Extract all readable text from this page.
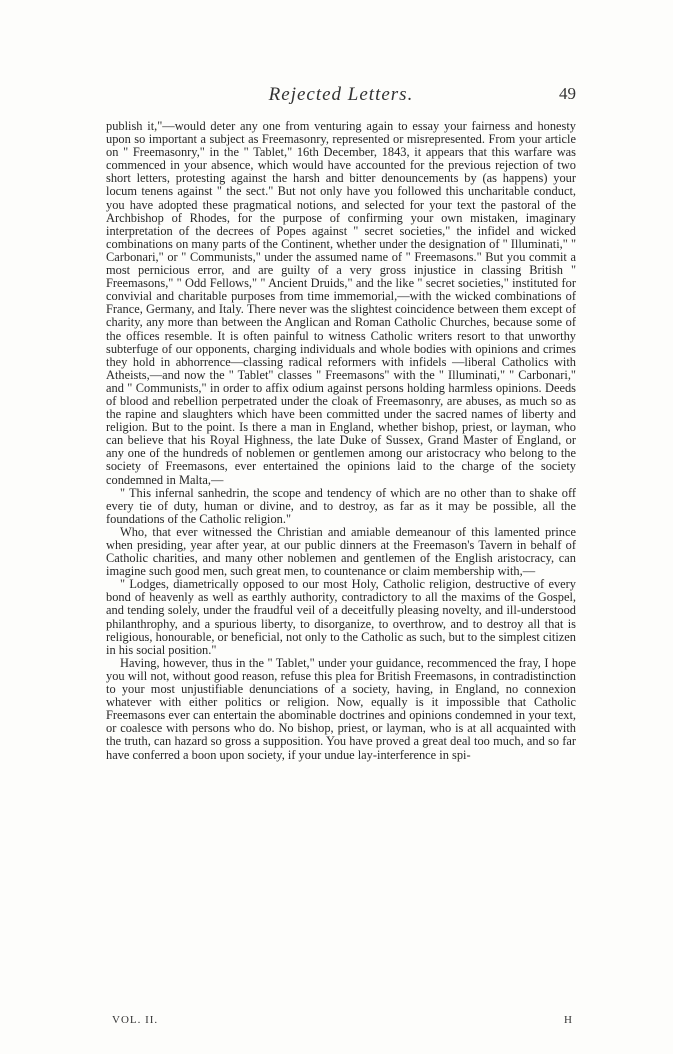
Rejected Letters.	49

publish it,"—would deter any one from venturing again to essay your fairness and honesty upon so important a subject as Freemasonry, represented or misrepresented. From your article on " Freemasonry," in the " Tablet," 16th December, 1843, it appears that this warfare was commenced in your absence, which would have accounted for the previous rejection of two short letters, protesting against the harsh and bitter denouncements by (as happens) your locum tenens against " the sect." But not only have you followed this uncharitable conduct, you have adopted these pragmatical notions, and selected for your text the pastoral of the Archbishop of Rhodes, for the purpose of confirming your own mistaken, imaginary interpretation of the decrees of Popes against " secret societies," the infidel and wicked combinations on many parts of the Continent, whether under the designation of " Illuminati," " Carbonari," or " Communists," under the assumed name of " Freemasons." But you commit a most pernicious error, and are guilty of a very gross injustice in classing British " Freemasons," " Odd Fellows," " Ancient Druids," and the like " secret societies," instituted for convivial and charitable purposes from time immemorial,—with the wicked combinations of France, Germany, and Italy. There never was the slightest coincidence between them except of charity, any more than between the Anglican and Roman Catholic Churches, because some of the offices resemble. It is often painful to witness Catholic writers resort to that unworthy subterfuge of our opponents, charging individuals and whole bodies with opinions and crimes they hold in abhorrence—classing radical reformers with infidels —liberal Catholics with Atheists,—and now the " Tablet" classes " Freemasons" with the " Illuminati," " Carbonari," and " Communists," in order to affix odium against persons holding harmless opinions. Deeds of blood and rebellion perpetrated under the cloak of Freemasonry, are abuses, as much so as the rapine and slaughters which have been committed under the sacred names of liberty and religion. But to the point. Is there a man in England, whether bishop, priest, or layman, who can believe that his Royal Highness, the late Duke of Sussex, Grand Master of England, or any one of the hundreds of noblemen or gentlemen among our aristocracy who belong to the society of Freemasons, ever entertained the opinions laid to the charge of the society condemned in Malta,—

" This infernal sanhedrin, the scope and tendency of which are no other than to shake off every tie of duty, human or divine, and to destroy, as far as it may be possible, all the foundations of the Catholic religion."

Who, that ever witnessed the Christian and amiable demeanour of this lamented prince when presiding, year after year, at our public dinners at the Freemason's Tavern in behalf of Catholic charities, and many other noblemen and gentlemen of the English aristocracy, can imagine such good men, such great men, to countenance or claim membership with,—

" Lodges, diametrically opposed to our most Holy, Catholic religion, destructive of every bond of heavenly as well as earthly authority, contradictory to all the maxims of the Gospel, and tending solely, under the fraudful veil of a deceitfully pleasing novelty, and ill-understood philanthrophy, and a spurious liberty, to disorganize, to overthrow, and to destroy all that is religious, honourable, or beneficial, not only to the Catholic as such, but to the simplest citizen in his social position."

Having, however, thus in the " Tablet," under your guidance, recommenced the fray, I hope you will not, without good reason, refuse this plea for British Freemasons, in contradistinction to your most unjustifiable denunciations of a society, having, in England, no connexion whatever with either politics or religion. Now, equally is it impossible that Catholic Freemasons ever can entertain the abominable doctrines and opinions condemned in your text, or coalesce with persons who do. No bishop, priest, or layman, who is at all acquainted with the truth, can hazard so gross a supposition. You have proved a great deal too much, and so far have conferred a boon upon society, if your undue lay-interference in spi-

VOL. II.	H
